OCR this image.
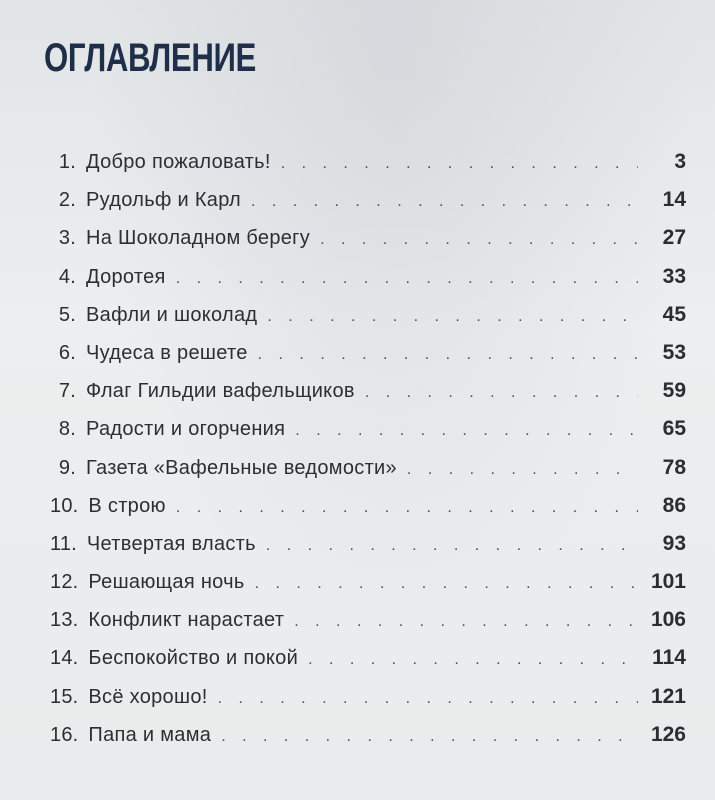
ОГЛАВЛЕНИЕ
1. Добро пожаловать! . . .	3
2. Рудольф и Карл . . .	14
3. На Шоколадном берегу . . .	27
4. Доротея . . .	33
5. Вафли и шоколад . . .	45
6. Чудеса в решете . . .	53
7. Флаг Гильдии вафельщиков . . .	59
8. Радости и огорчения . . .	65
9. Газета «Вафельные ведомости» . . .	78
10. В строю . . .	86
11. Четвертая власть . . .	93
12. Решающая ночь . . .	101
13. Конфликт нарастает . . .	106
14. Беспокойство и покой . . .	114
15. Всё хорошо! . . .	121
16. Папа и мама . . .	126
